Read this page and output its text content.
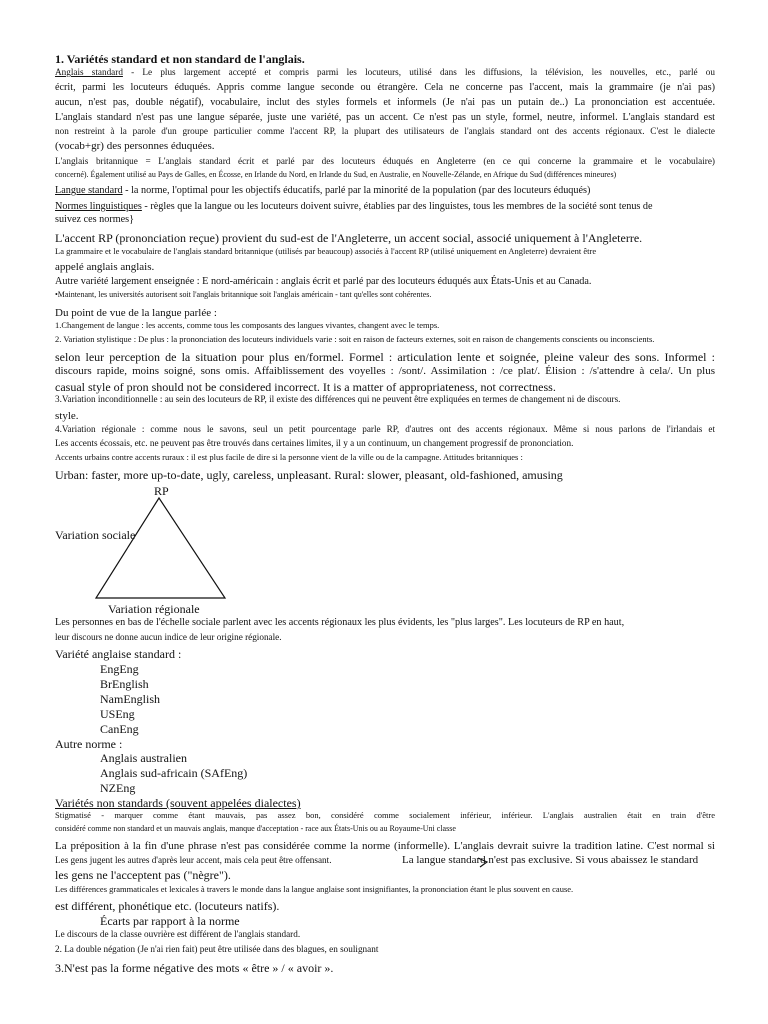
1. Variétés standard et non standard de l'anglais.
Anglais standard - Le plus largement accepté et compris parmi les locuteurs, utilisé dans les diffusions, la télévision, les nouvelles, etc., parlé ou
écrit, parmi les locuteurs éduqués. Appris comme langue seconde ou étrangère. Cela ne concerne pas l'accent, mais la grammaire (je n'ai pas)
aucun, n'est pas, double négatif), vocabulaire, inclut des styles formels et informels (Je n'ai pas un putain de..) La prononciation est accentuée.
L'anglais standard n'est pas une langue séparée, juste une variété, pas un accent. Ce n'est pas un style, formel, neutre, informel. L'anglais standard est
non restreint à la parole d'un groupe particulier comme l'accent RP, la plupart des utilisateurs de l'anglais standard ont des accents régionaux. C'est le dialecte
(vocab+gr) des personnes éduquées.
L'anglais britannique = L'anglais standard écrit et parlé par des locuteurs éduqués en Angleterre (en ce qui concerne la grammaire et le vocabulaire)
concerné). Également utilisé au Pays de Galles, en Écosse, en Irlande du Nord, en Irlande du Sud, en Australie, en Nouvelle-Zélande, en Afrique du Sud (différences mineures)
Langue standard - la norme, l'optimal pour les objectifs éducatifs, parlé par la minorité de la population (par des locuteurs éduqués)
Normes linguistiques - règles que la langue ou les locuteurs doivent suivre, établies par des linguistes, tous les membres de la société sont tenus de
suivez ces normes}
L'accent RP (prononciation reçue) provient du sud-est de l'Angleterre, un accent social, associé uniquement à l'Angleterre.
La grammaire et le vocabulaire de l'anglais standard britannique (utilisés par beaucoup) associés à l'accent RP (utilisé uniquement en Angleterre) devraient être
appelé anglais anglais.
Autre variété largement enseignée : E nord-américain : anglais écrit et parlé par des locuteurs éduqués aux États-Unis et au Canada.
•Maintenant, les universités autorisent soit l'anglais britannique soit l'anglais américain - tant qu'elles sont cohérentes.
Du point de vue de la langue parlée :
1.Changement de langue : les accents, comme tous les composants des langues vivantes, changent avec le temps.
2. Variation stylistique : De plus : la prononciation des locuteurs individuels varie : soit en raison de facteurs externes, soit en raison de changements conscients ou inconscients.
selon leur perception de la situation pour plus en/formel. Formel : articulation lente et soignée, pleine valeur des sons. Informel :
discours rapide, moins soigné, sons omis. Affaiblissement des voyelles : /sont/. Assimilation : /ce plat/. Élision : /s'attendre à cela/. Un plus
casual style of pron should not be considered incorrect. It is a matter of appropriateness, not correctness.
3.Variation inconditionnelle : au sein des locuteurs de RP, il existe des différences qui ne peuvent être expliquées en termes de changement ni de discours.
style.
4.Variation régionale : comme nous le savons, seul un petit pourcentage parle RP, d'autres ont des accents régionaux. Même si nous parlons de l'irlandais et
Les accents écossais, etc. ne peuvent pas être trouvés dans certaines limites, il y a un continuum, un changement progressif de prononciation.
Accents urbains contre accents ruraux : il est plus facile de dire si la personne vient de la ville ou de la campagne. Attitudes britanniques :
Urban: faster, more up-to-date, ugly, careless, unpleasant. Rural: slower, pleasant, old-fashioned, amusing
RP
Variation sociale
Variation régionale
Les personnes en bas de l'échelle sociale parlent avec les accents régionaux les plus évidents, les "plus larges". Les locuteurs de RP en haut,
leur discours ne donne aucun indice de leur origine régionale.
Variété anglaise standard :
EngEng
BrEnglish
NamEnglish
USEng
CanEng
Autre norme :
Anglais australien
Anglais sud-africain (SAfEng)
NZEng
Variétés non standards (souvent appelées dialectes)
Stigmatisé - marquer comme étant mauvais, pas assez bon, considéré comme socialement inférieur, inférieur. L'anglais australien était en train d'être
considéré comme non standard et un mauvais anglais, manque d'acceptation - race aux États-Unis ou au Royaume-Uni classe
La préposition à la fin d'une phrase n'est pas considérée comme la norme (informelle). L'anglais devrait suivre la tradition latine. C'est normal si
Les gens jugent les autres d'après leur accent, mais cela peut être offensant.	La langue standard n'est pas exclusive. Si vous abaissez le standard
les gens ne l'acceptent pas ("nègre").
Les différences grammaticales et lexicales à travers le monde dans la langue anglaise sont insignifiantes, la prononciation étant le plus souvent en cause.
est différent, phonétique etc. (locuteurs natifs).
Écarts par rapport à la norme
Le discours de la classe ouvrière est différent de l'anglais standard.
2. La double négation (Je n'ai rien fait) peut être utilisée dans des blagues, en soulignant
3.N'est pas la forme négative des mots « être » / « avoir ».
